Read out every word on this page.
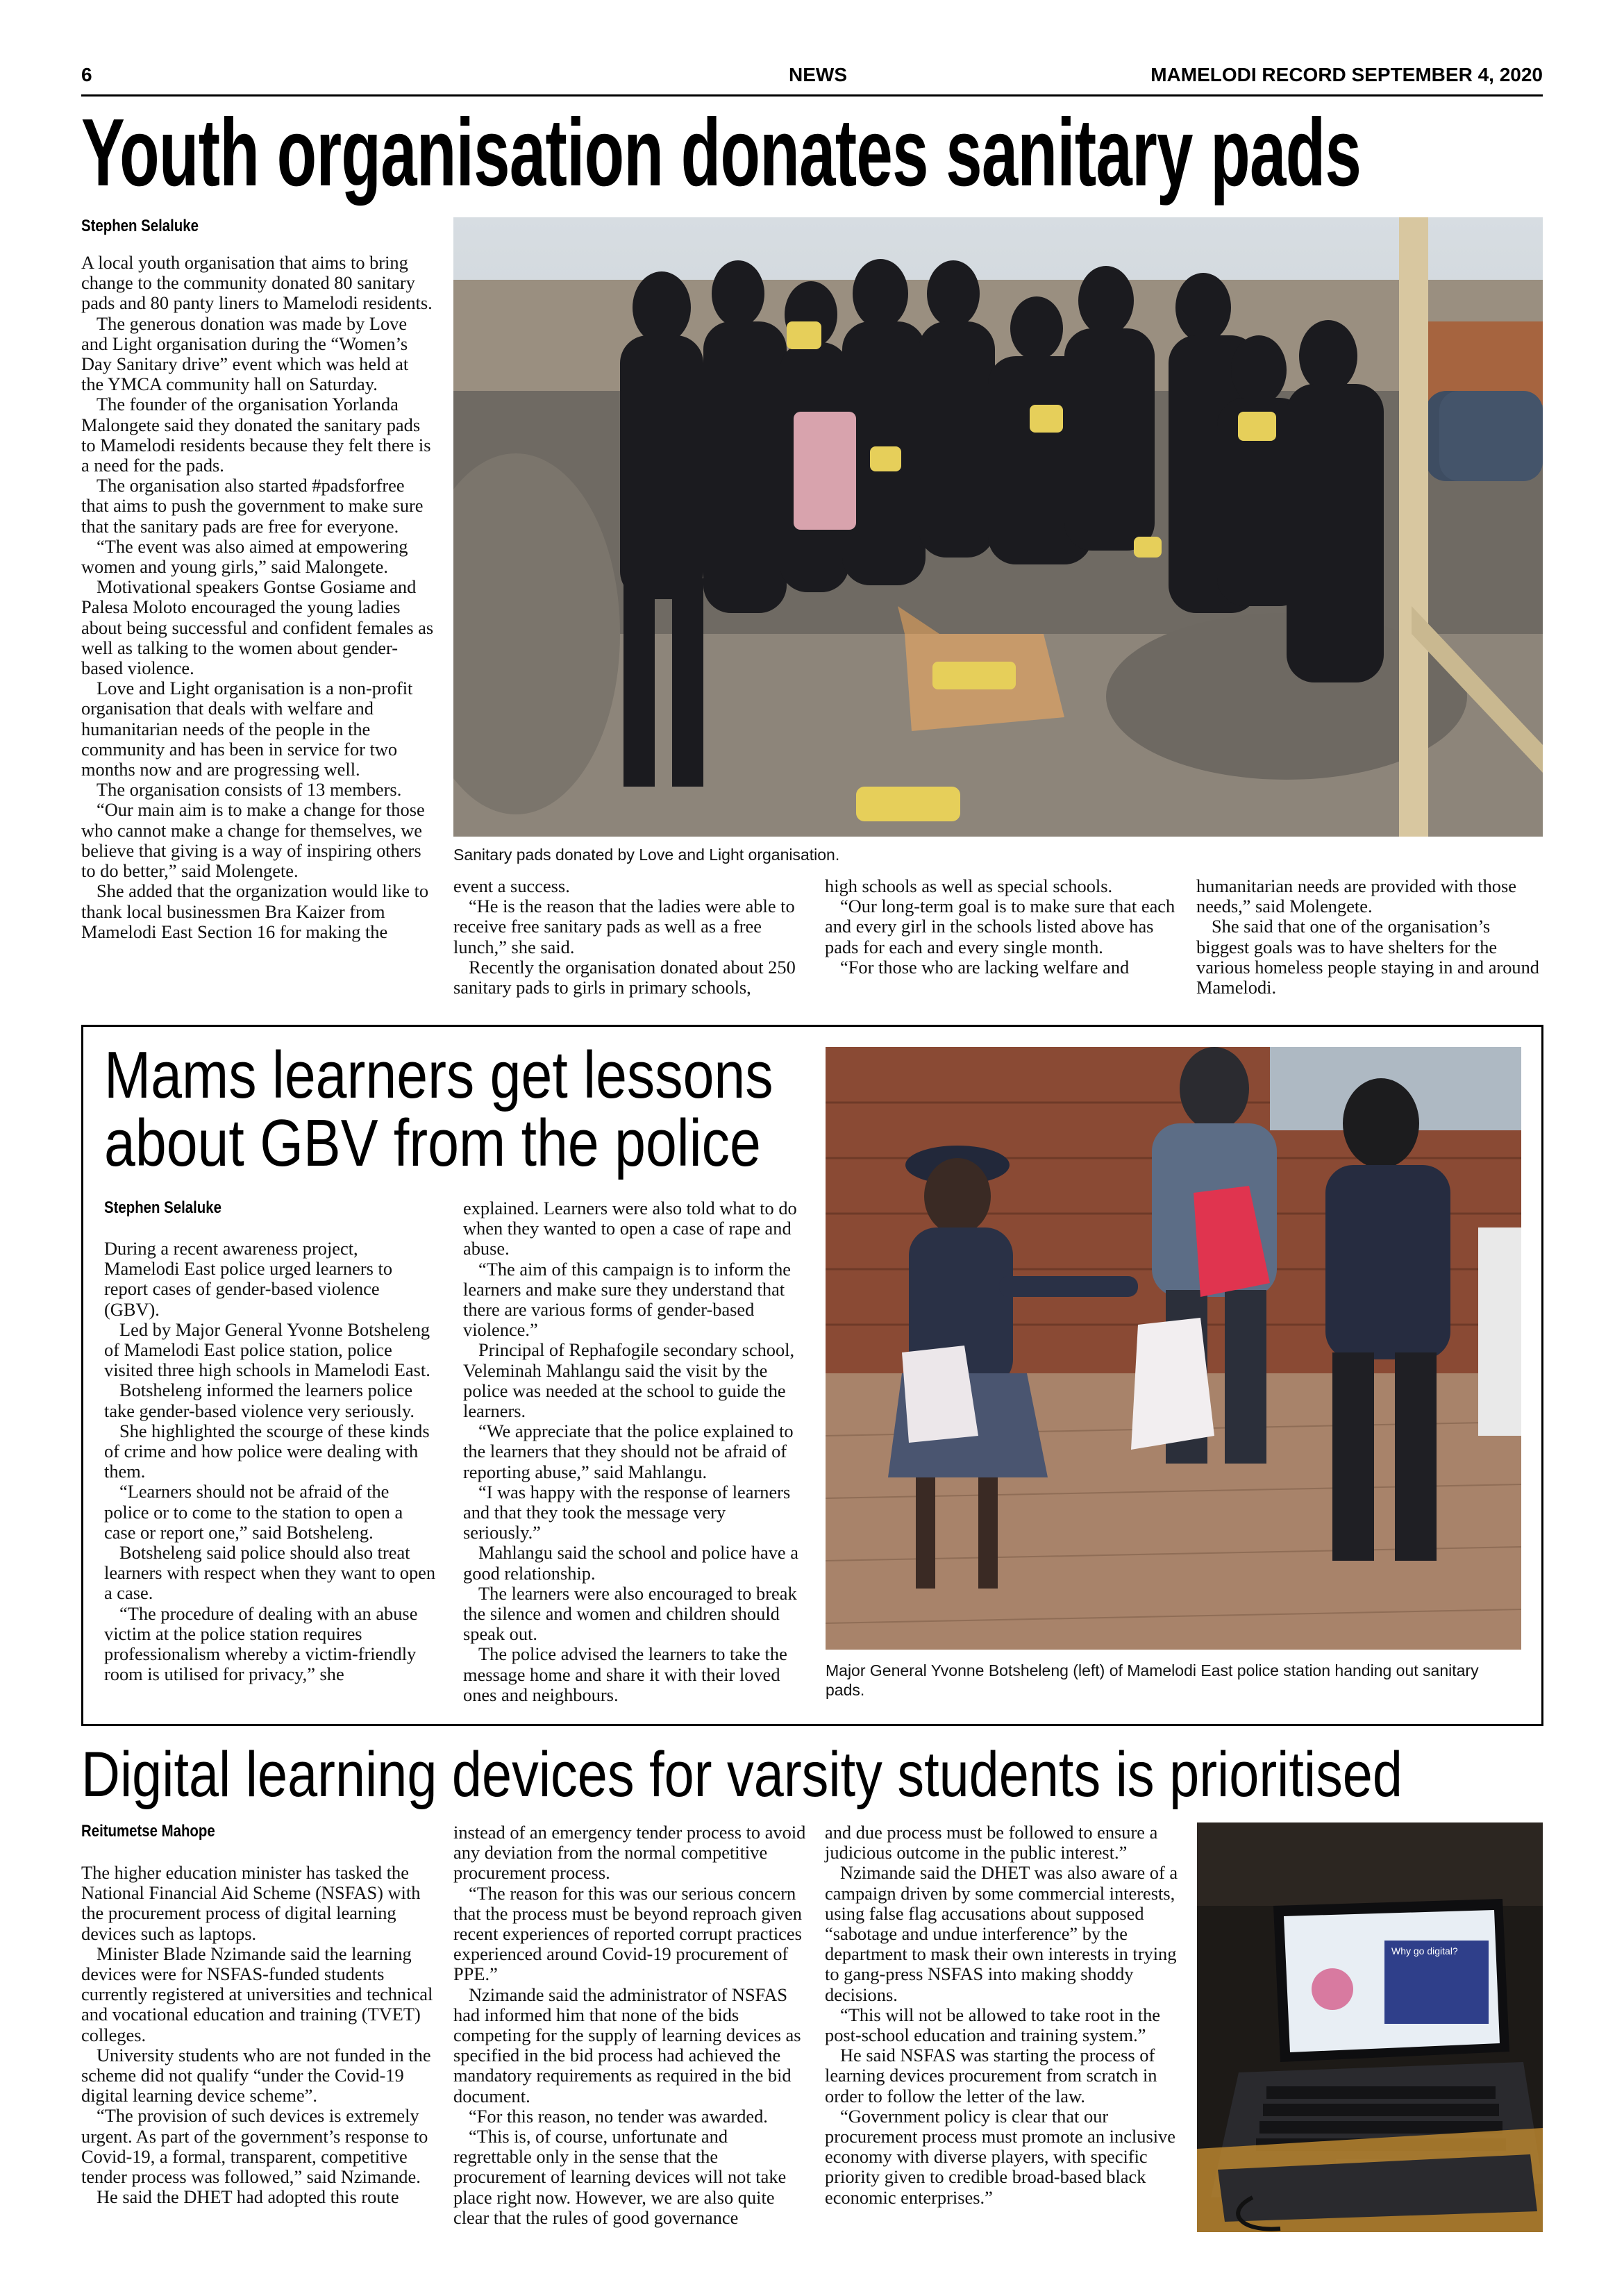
6	NEWS	MAMELODI RECORD SEPTEMBER 4, 2020
Youth organisation donates sanitary pads
Stephen Selaluke

A local youth organisation that aims to bring change to the community donated 80 sanitary pads and 80 panty liners to Mamelodi residents.

The generous donation was made by Love and Light organisation during the “Women’s Day Sanitary drive” event which was held at the YMCA community hall on Saturday.

The founder of the organisation Yorlanda Malongete said they donated the sanitary pads to Mamelodi residents because they felt there is a need for the pads.

The organisation also started #padsforfree that aims to push the government to make sure that the sanitary pads are free for everyone.

“The event was also aimed at empowering women and young girls,” said Malongete.

Motivational speakers Gontse Gosiame and Palesa Moloto encouraged the young ladies about being successful and confident females as well as talking to the women about gender-based violence.

Love and Light organisation is a non-profit organisation that deals with welfare and humanitarian needs of the people in the community and has been in service for two months now and are progressing well.

The organisation consists of 13 members.

“Our main aim is to make a change for those who cannot make a change for themselves, we believe that giving is a way of inspiring others to do better,” said Molengete.

She added that the organization would like to thank local businessmen Bra Kaizer from Mamelodi East Section 16 for making the

Sanitary pads donated by Love and Light organisation.

event a success.

“He is the reason that the ladies were able to receive free sanitary pads as well as a free lunch,” she said.

Recently the organisation donated about 250 sanitary pads to girls in primary schools,

high schools as well as special schools.

“Our long-term goal is to make sure that each and every girl in the schools listed above has pads for each and every single month.

“For those who are lacking welfare and

humanitarian needs are provided with those needs,” said Molengete.

She said that one of the organisation’s biggest goals was to have shelters for the various homeless people staying in and around Mamelodi.

Mams learners get lessons
about GBV from the police
Stephen Selaluke

During a recent awareness project, Mamelodi East police urged learners to report cases of gender-based violence (GBV).

Led by Major General Yvonne Botsheleng of Mamelodi East police station, police visited three high schools in Mamelodi East.

Botsheleng informed the learners police take gender-based violence very seriously.

She highlighted the scourge of these kinds of crime and how police were dealing with them.

“Learners should not be afraid of the police or to come to the station to open a case or report one,” said Botsheleng.

Botsheleng said police should also treat learners with respect when they want to open a case.

“The procedure of dealing with an abuse victim at the police station requires professionalism whereby a victim-friendly room is utilised for privacy,” she

explained. Learners were also told what to do when they wanted to open a case of rape and abuse.

“The aim of this campaign is to inform the learners and make sure they understand that there are various forms of gender-based violence.”

Principal of Rephafogile secondary school, Veleminah Mahlangu said the visit by the police was needed at the school to guide the learners.

“We appreciate that the police explained to the learners that they should not be afraid of reporting abuse,” said Mahlangu.

“I was happy with the response of learners and that they took the message very seriously.”

Mahlangu said the school and police have a good relationship.

The learners were also encouraged to break the silence and women and children should speak out.

The police advised the learners to take the message home and share it with their loved ones and neighbours.

Major General Yvonne Botsheleng (left) of Mamelodi East police station handing out sanitary pads.
Digital learning devices for varsity students is prioritised
Reitumetse Mahope

The higher education minister has tasked the National Financial Aid Scheme (NSFAS) with the procurement process of digital learning devices such as laptops.

Minister Blade Nzimande said the learning devices were for NSFAS-funded students currently registered at universities and technical and vocational education and training (TVET) colleges.

University students who are not funded in the scheme did not qualify “under the Covid-19 digital learning device scheme”.

“The provision of such devices is extremely urgent. As part of the government’s response to Covid-19, a formal, transparent, competitive tender process was followed,” said Nzimande.

He said the DHET had adopted this route

instead of an emergency tender process to avoid any deviation from the normal competitive procurement process.

“The reason for this was our serious concern that the process must be beyond reproach given recent experiences of reported corrupt practices experienced around Covid-19 procurement of PPE.”

Nzimande said the administrator of NSFAS had informed him that none of the bids competing for the supply of learning devices as specified in the bid process had achieved the mandatory requirements as required in the bid document.

“For this reason, no tender was awarded.

“This is, of course, unfortunate and regrettable only in the sense that the procurement of learning devices will not take place right now. However, we are also quite clear that the rules of good governance

and due process must be followed to ensure a judicious outcome in the public interest.”

Nzimande said the DHET was also aware of a campaign driven by some commercial interests, using false flag accusations about supposed “sabotage and undue interference” by the department to mask their own interests in trying to gang-press NSFAS into making shoddy decisions.

“This will not be allowed to take root in the post-school education and training system.”

He said NSFAS was starting the process of learning devices procurement from scratch in order to follow the letter of the law.

“Government policy is clear that our procurement process must promote an inclusive economy with diverse players, with specific priority given to credible broad-based black economic enterprises.”

Why go digital?
